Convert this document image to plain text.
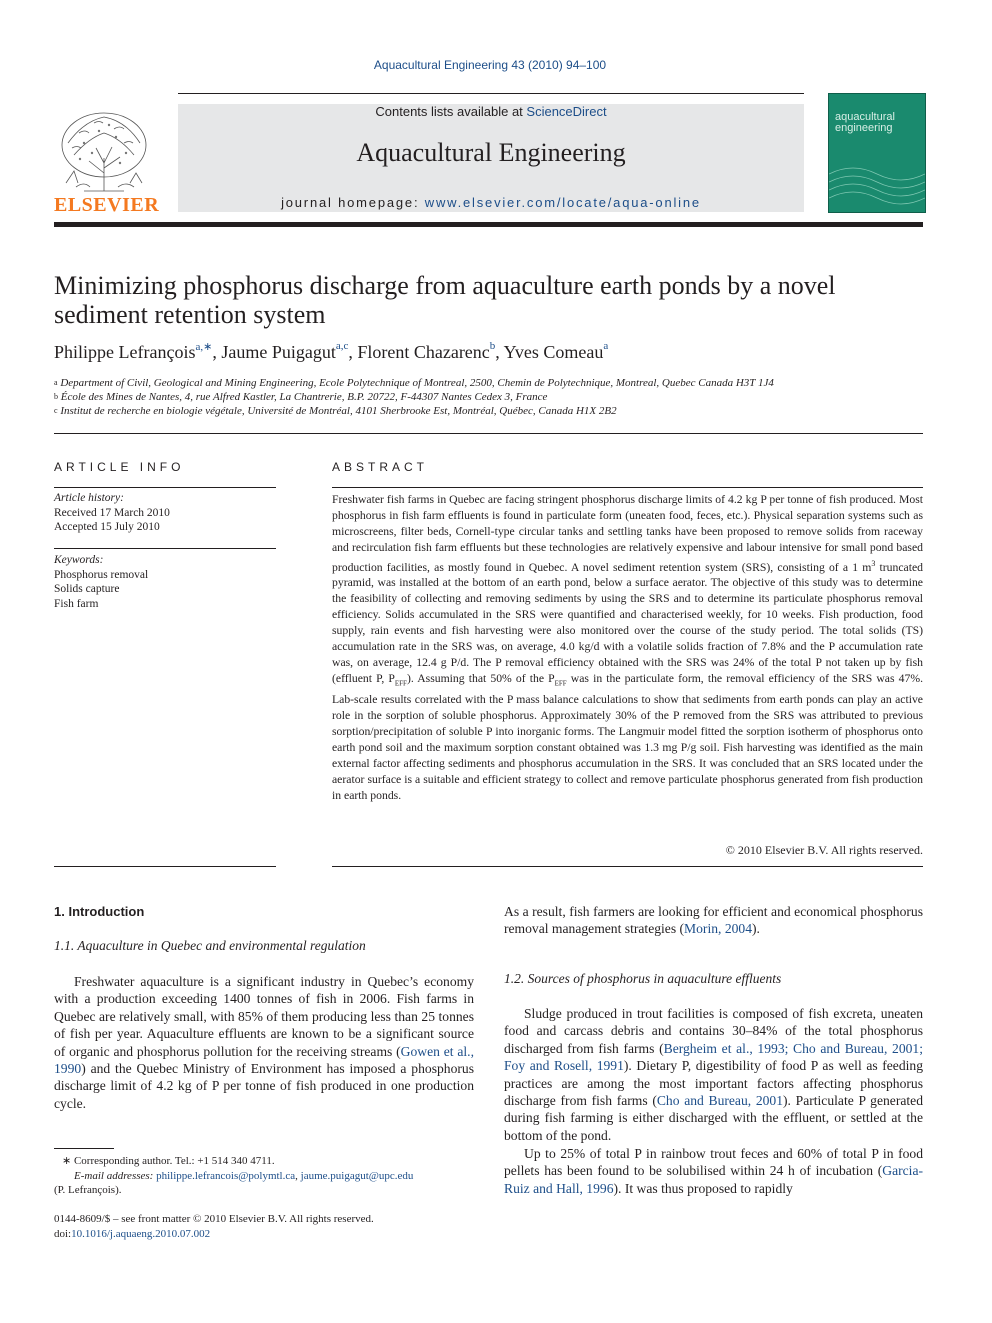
Aquacultural Engineering 43 (2010) 94–100
ELSEVIER
Contents lists available at ScienceDirect
Aquacultural Engineering
journal homepage: www.elsevier.com/locate/aqua-online
aquacultural
engineering
Minimizing phosphorus discharge from aquaculture earth ponds by a novel sediment retention system
Philippe Lefrançois$^{a,∗}$, Jaume Puigagut$^{a,c}$, Florent Chazarenc$^b$, Yves Comeau$^a$
$^a$ Department of Civil, Geological and Mining Engineering, Ecole Polytechnique of Montreal, 2500, Chemin de Polytechnique, Montreal, Quebec Canada H3T 1J4
$^b$ École des Mines de Nantes, 4, rue Alfred Kastler, La Chantrerie, B.P. 20722, F-44307 Nantes Cedex 3, France
$^c$ Institut de recherche en biologie végétale, Université de Montréal, 4101 Sherbrooke Est, Montréal, Québec, Canada H1X 2B2
ARTICLE INFO
Article history:
Received 17 March 2010
Accepted 15 July 2010
Keywords:
Phosphorus removal
Solids capture
Fish farm
ABSTRACT
Freshwater fish farms in Quebec are facing stringent phosphorus discharge limits of 4.2 kg P per tonne of fish produced. Most phosphorus in fish farm effluents is found in particulate form (uneaten food, feces, etc.). Physical separation systems such as microscreens, filter beds, Cornell-type circular tanks and settling tanks have been proposed to remove solids from raceway and recirculation fish farm effluents but these technologies are relatively expensive and labour intensive for small pond based production facilities, as mostly found in Quebec. A novel sediment retention system (SRS), consisting of a 1 $m^3$ truncated pyramid, was installed at the bottom of an earth pond, below a surface aerator. The objective of this study was to determine the feasibility of collecting and removing sediments by using the SRS and to determine its particulate phosphorus removal efficiency. Solids accumulated in the SRS were quantified and characterised weekly, for 10 weeks. Fish production, food supply, rain events and fish harvesting were also monitored over the course of the study period. The total solids (TS) accumulation rate in the SRS was, on average, 4.0 kg/d with a volatile solids fraction of 7.8% and the P accumulation rate was, on average, 12.4 g P/d. The P removal efficiency obtained with the SRS was 24% of the total P not taken up by fish (effluent P, $P_{EFF}$). Assuming that 50% of the $P_{EFF}$ was in the particulate form, the removal efficiency of the SRS was 47%. Lab-scale results correlated with the P mass balance calculations to show that sediments from earth ponds can play an active role in the sorption of soluble phosphorus. Approximately 30% of the P removed from the SRS was attributed to previous sorption/precipitation of soluble P into inorganic forms. The Langmuir model fitted the sorption isotherm of phosphorus onto earth pond soil and the maximum sorption constant obtained was 1.3 mg P/g soil. Fish harvesting was identified as the main external factor affecting sediments and phosphorus accumulation in the SRS. It was concluded that an SRS located under the aerator surface is a suitable and efficient strategy to collect and remove particulate phosphorus generated from fish production in earth ponds.
© 2010 Elsevier B.V. All rights reserved.
1. Introduction
1.1. Aquaculture in Quebec and environmental regulation
Freshwater aquaculture is a significant industry in Quebec’s economy with a production exceeding 1400 tonnes of fish in 2006. Fish farms in Quebec are relatively small, with 85% of them producing less than 25 tonnes of fish per year. Aquaculture effluents are known to be a significant source of organic and phosphorus pollution for the receiving streams (Gowen et al., 1990) and the Quebec Ministry of Environment has imposed a phosphorus discharge limit of 4.2 kg of P per tonne of fish produced in one production cycle.
∗ Corresponding author. Tel.: +1 514 340 4711.
E-mail addresses: philippe.lefrancois@polymtl.ca, jaume.puigagut@upc.edu
(P. Lefrançois).
0144-8609/$ – see front matter © 2010 Elsevier B.V. All rights reserved.
doi:10.1016/j.aquaeng.2010.07.002
As a result, fish farmers are looking for efficient and economical phosphorus removal management strategies (Morin, 2004).
1.2. Sources of phosphorus in aquaculture effluents
Sludge produced in trout facilities is composed of fish excreta, uneaten food and carcass debris and contains 30–84% of the total phosphorus discharged from fish farms (Bergheim et al., 1993; Cho and Bureau, 2001; Foy and Rosell, 1991). Dietary P, digestibility of food P as well as feeding practices are among the most important factors affecting phosphorus discharge from fish farms (Cho and Bureau, 2001). Particulate P generated during fish farming is either discharged with the effluent, or settled at the bottom of the pond.
Up to 25% of total P in rainbow trout feces and 60% of total P in food pellets has been found to be solubilised within 24 h of incubation (Garcia-Ruiz and Hall, 1996). It was thus proposed to rapidly
